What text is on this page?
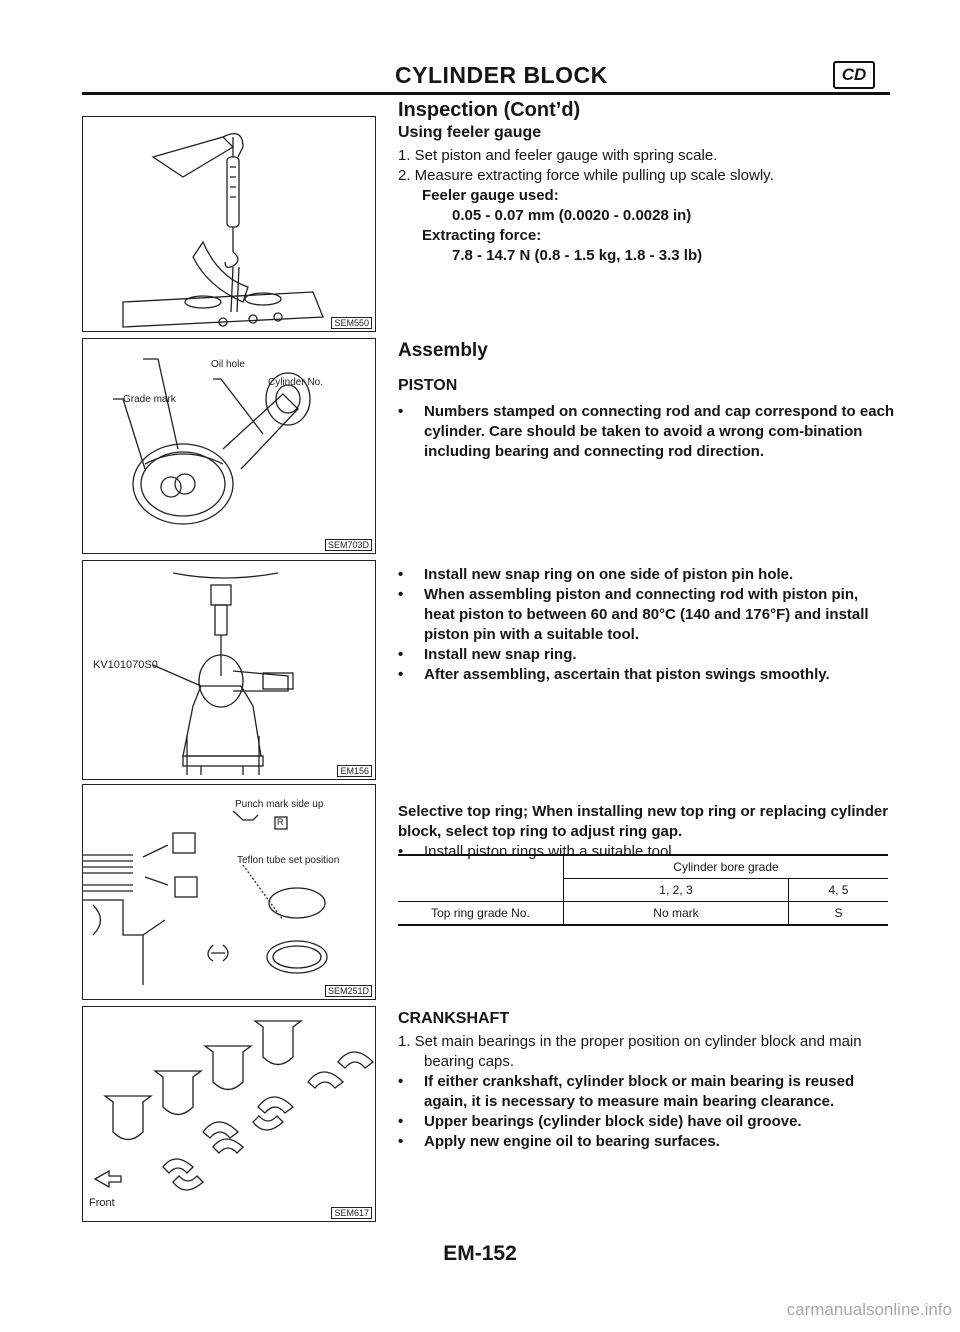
CYLINDER BLOCK	CD
Inspection (Cont’d)
Using feeler gauge
1. Set piston and feeler gauge with spring scale.
2. Measure extracting force while pulling up scale slowly.
Feeler gauge used:
0.05 - 0.07 mm (0.0020 - 0.0028 in)
Extracting force:
7.8 - 14.7 N (0.8 - 1.5 kg, 1.8 - 3.3 lb)
Assembly
PISTON
• Numbers stamped on connecting rod and cap correspond to each cylinder. Care should be taken to avoid a wrong com-bination including bearing and connecting rod direction.
• Install new snap ring on one side of piston pin hole.
• When assembling piston and connecting rod with piston pin, heat piston to between 60 and 80°C (140 and 176°F) and install piston pin with a suitable tool.
• Install new snap ring.
• After assembling, ascertain that piston swings smoothly.
• Install piston rings with a suitable tool.
Selective top ring; When installing new top ring or replacing cylinder block, select top ring to adjust ring gap.
	Cylinder bore grade	
	1, 2, 3	4, 5
Top ring grade No.	No mark	S
CRANKSHAFT
1. Set main bearings in the proper position on cylinder block and main bearing caps.
• If either crankshaft, cylinder block or main bearing is reused again, it is necessary to measure main bearing clearance.
• Upper bearings (cylinder block side) have oil groove.
• Apply new engine oil to bearing surfaces.
SEM550
Oil hole
Cylinder No.
Grade mark
SEM703D
KV101070S0
EM156
Punch mark side up
Teflon tube set position
R
SEM251D
Front
SEM617
EM-152
carmanualsonline.info
